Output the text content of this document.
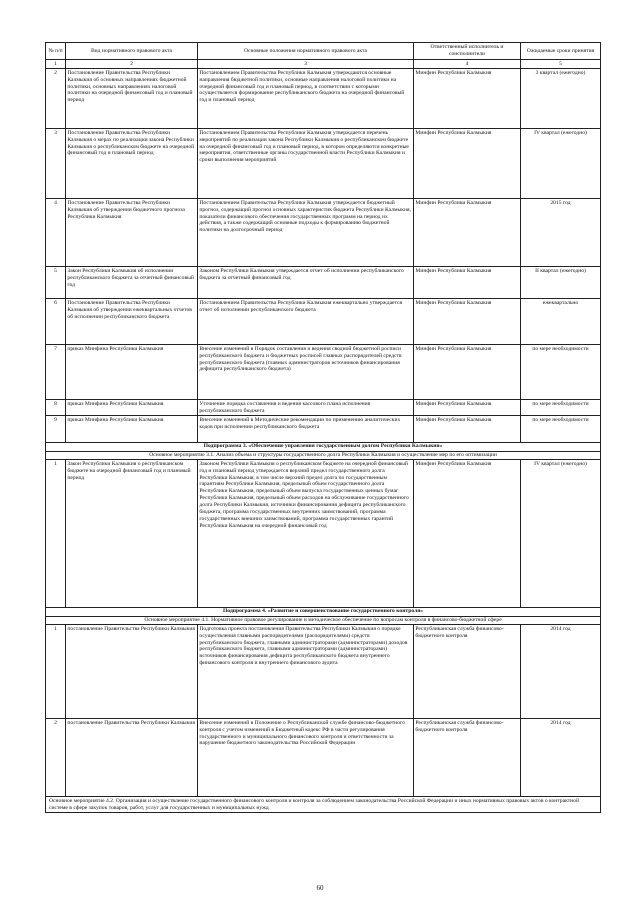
№ п/п	Вид нормативного правового акта	Основные положения нормативного правового акта	Ответственный исполнитель и соисполнители	Ожидаемые сроки принятия
1	2	3	4	5
2	Постановление Правительства Республики Калмыкия об основных направлениях бюджетной политики, основных направлениях налоговой политики на очередной финансовый год и плановый период	Постановлением Правительства Республики Калмыкия утверждаются основные направления бюджетной политики, основные направления налоговой политики на очередной финансовый год и плановый период, в соответствии с которыми осуществляется формирование республиканского бюджета на очередной финансовый год и плановый период	Минфин Республики Калмыкия	3 квартал (ежегодно)
3	Постановление Правительства Республики Калмыкия о мерах по реализации закона Республики Калмыкия о республиканском бюджете на очередной финансовый год и плановый период	Постановлением Правительства Республики Калмыкия утверждается перечень мероприятий по реализации закона Республики Калмыкия о республиканском бюджете на очередной финансовый год и плановый период, в котором определяются конкретные мероприятия, ответственные органы государственной власти Республики Калмыкия и сроки выполнения мероприятий	Минфин Республики Калмыкия	IV квартал (ежегодно)
4	Постановление Правительства Республики Калмыкия об утверждении бюджетного прогноза Республики Калмыкия	Постановлением Правительства Республики Калмыкия утверждается бюджетный прогноз, содержащий прогноз основных характеристик бюджета Республики Калмыкия, показатели финансового обеспечения государственных программ на период их действия, а также содержащий основные подходы к формированию бюджетной политики на долгосрочный период	Минфин Республики Калмыкия	2015 год
5	Закон Республики Калмыкия об исполнении республиканского бюджета за отчетный финансовый год	Законом Республики Калмыкия утверждается отчет об исполнении республиканского бюджета за отчетный финансовый год	Минфин Республики Калмыкия	II квартал (ежегодно)
6	Постановление Правительства Республики Калмыкия об утверждении ежеквартальных отчетов об исполнении республиканского бюджета	Постановлением Правительства Республики Калмыкия ежеквартально утверждается отчет об исполнении республиканского бюджета	Минфин Республики Калмыкия	ежеквартально
7	приказ Минфина Республики Калмыкия	Внесение изменений в Порядок составления и ведения сводной бюджетной росписи республиканского бюджета и бюджетных росписей главных распорядителей средств республиканского бюджета (главных администраторов источников финансирования дефицита республиканского бюджета)	Минфин Республики Калмыкия	по мере необходимости
8	приказ Минфина Республики Калмыкия	Уточнение порядка составления и ведения кассового плана исполнения республиканского бюджета	Минфин Республики Калмыкия	по мере необходимости
9	приказ Минфина Республики Калмыкия	Внесение изменений в Методические рекомендации по применению аналитических кодов при исполнении республиканского бюджета	Минфин Республики Калмыкия	по мере необходимости
Подпрограмма 3. «Обеспечение управления государственным долгом Республики Калмыкия»				
Основное мероприятие 3.1. Анализ объема и структуры государственного долга Республики Калмыкия и осуществление мер по его оптимизации				
1	Закон Республики Калмыкия о республиканском бюджете на очередной финансовый год и плановый период	Законом Республики Калмыкия о республиканском бюджете на очередной финансовый год и плановый период утверждается верхний предел государственного долга Республики Калмыкия, в том числе верхний предел долга по государственным гарантиям Республики Калмыкия, предельный объем государственного долга Республики Калмыкия, предельный объем выпуска государственных ценных бумаг Республики Калмыкия, предельный объем расходов на обслуживание государственного долга Республики Калмыкия, источники финансирования дефицита республиканского бюджета, программа государственных внутренних заимствований, программа государственных внешних заимствований, программа государственных гарантий Республики Калмыкия на очередной финансовый год	Минфин Республики Калмыкия	IV квартал (ежегодно)
Подпрограмма 4. «Развитие и совершенствование государственного контроля»				
Основное мероприятие 4.1. Нормативное правовое регулирование и методическое обеспечение по вопросам контроля в финансово-бюджетной сфере				
1	постановление Правительства Республики Калмыкия	Подготовка проекта постановления Правительства Республики Калмыкия о порядке осуществления главными распорядителями (распорядителями) средств республиканского бюджета, главными администраторами (администраторами) доходов республиканского бюджета, главными администраторами (администраторами) источников финансирования дефицита республиканского бюджета внутреннего финансового контроля и внутреннего финансового аудита	Республиканская служба финансово-бюджетного контроля	2014 год
2	постановление Правительства Республики Калмыкия	Внесение изменений в Положение о Республиканской службе финансово-бюджетного контроля с учетом изменений в Бюджетный кодекс РФ в части регулирования государственного и муниципального финансового контроля и ответственности за нарушение бюджетного законодательства Российской Федерации	Республиканская служба финансово-бюджетного контроля	2014 год
Основное мероприятие 4.2. Организация и осуществление государственного финансового контроля и контроля за соблюдением законодательства Российской Федерации и иных нормативных правовых актов о контрактной системе в сфере закупок товаров, работ, услуг для государственных и муниципальных нужд				
60
